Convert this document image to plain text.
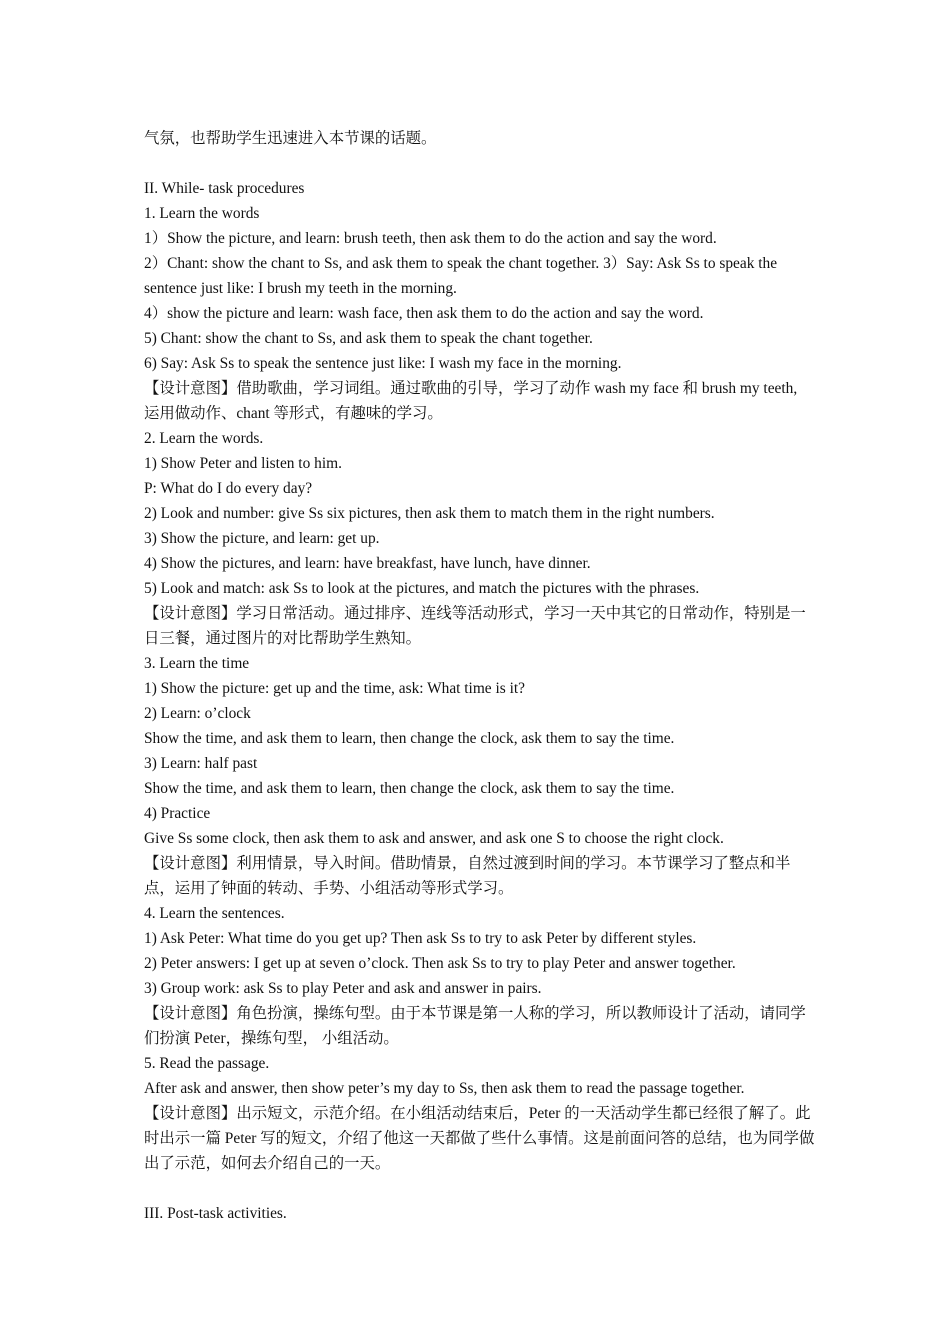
气氛，也帮助学生迅速进入本节课的话题。

II. While- task procedures

1. Learn the words

1）Show the picture, and learn: brush teeth, then ask them to do the action and say the word.

2）Chant: show the chant to Ss, and ask them to speak the chant together. 3）Say: Ask Ss to speak the sentence just like: I brush my teeth in the morning.

4）show the picture and learn: wash face, then ask them to do the action and say the word.

5) Chant: show the chant to Ss, and ask them to speak the chant together.

6) Say: Ask Ss to speak the sentence just like: I wash my face in the morning.

【设计意图】借助歌曲，学习词组。通过歌曲的引导，学习了动作 wash my face 和 brush my teeth, 运用做动作、chant 等形式，有趣味的学习。

2. Learn the words.

1) Show Peter and listen to him.

P: What do I do every day?

2) Look and number: give Ss six pictures, then ask them to match them in the right numbers.

3) Show the picture, and learn: get up.

4) Show the pictures, and learn: have breakfast, have lunch, have dinner.

5) Look and match: ask Ss to look at the pictures, and match the pictures with the phrases.

【设计意图】学习日常活动。通过排序、连线等活动形式，学习一天中其它的日常动作，特别是一日三餐，通过图片的对比帮助学生熟知。

3. Learn the time

1) Show the picture: get up and the time, ask: What time is it?

2) Learn: o’clock

Show the time, and ask them to learn, then change the clock, ask them to say the time.

3) Learn: half past

Show the time, and ask them to learn, then change the clock, ask them to say the time.

4) Practice

Give Ss some clock, then ask them to ask and answer, and ask one S to choose the right clock.

【设计意图】利用情景，导入时间。借助情景，自然过渡到时间的学习。本节课学习了整点和半点，运用了钟面的转动、手势、小组活动等形式学习。

4. Learn the sentences.

1) Ask Peter: What time do you get up? Then ask Ss to try to ask Peter by different styles.

2) Peter answers: I get up at seven o’clock. Then ask Ss to try to play Peter and answer together.

3) Group work: ask Ss to play Peter and ask and answer in pairs.

【设计意图】角色扮演，操练句型。由于本节课是第一人称的学习，所以教师设计了活动，请同学们扮演 Peter，操练句型， 小组活动。

5. Read the passage.

After ask and answer, then show peter’s my day to Ss, then ask them to read the passage together.

【设计意图】出示短文，示范介绍。在小组活动结束后，Peter 的一天活动学生都已经很了解了。此时出示一篇 Peter 写的短文，介绍了他这一天都做了些什么事情。这是前面问答的总结，也为同学做出了示范，如何去介绍自己的一天。

III. Post-task activities.
